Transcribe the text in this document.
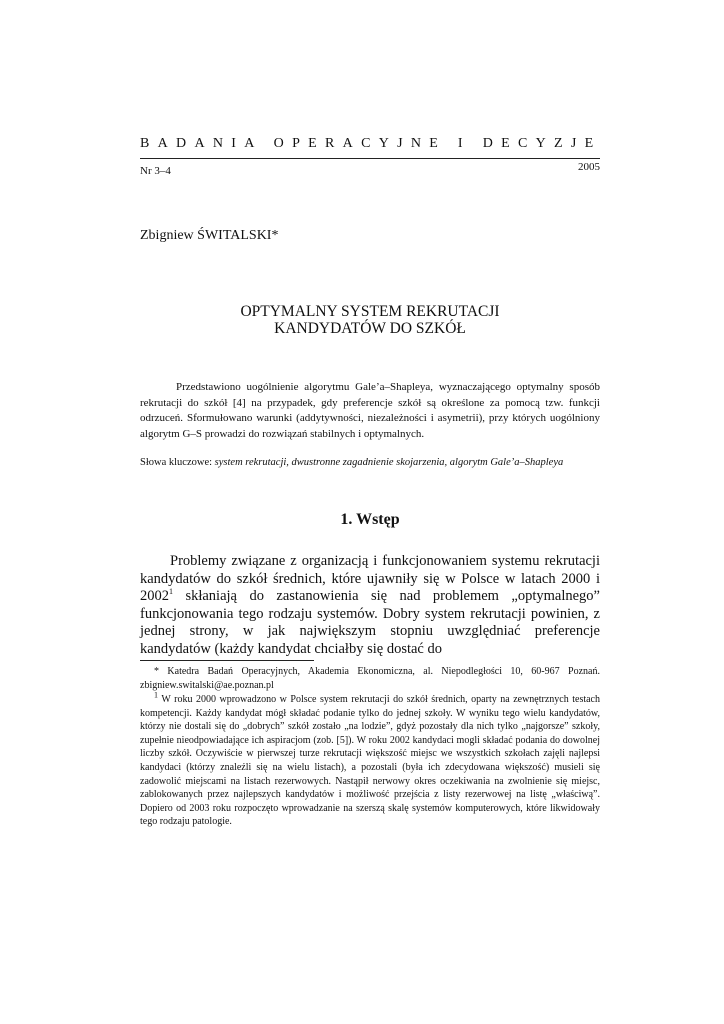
BADANIA OPERACYJNE I DECYZJE
Nr 3–4	2005
Zbigniew ŚWITALSKI*
OPTYMALNY SYSTEM REKRUTACJI
KANDYDATÓW DO SZKÓŁ
Przedstawiono uogólnienie algorytmu Gale’a–Shapleya, wyznaczającego optymalny sposób rekrutacji do szkół [4] na przypadek, gdy preferencje szkół są określone za pomocą tzw. funkcji odrzuceń. Sformułowano warunki (addytywności, niezależności i asymetrii), przy których uogólniony algorytm G–S prowadzi do rozwiązań stabilnych i optymalnych.
Słowa kluczowe: system rekrutacji, dwustronne zagadnienie skojarzenia, algorytm Gale’a–Shapleya
1. Wstęp
Problemy związane z organizacją i funkcjonowaniem systemu rekrutacji kandydatów do szkół średnich, które ujawniły się w Polsce w latach 2000 i 2002$^1$ skłaniają do zastanowienia się nad problemem „optymalnego” funkcjonowania tego rodzaju systemów. Dobry system rekrutacji powinien, z jednej strony, w jak największym stopniu uwzględniać preferencje kandydatów (każdy kandydat chciałby się dostać do
* Katedra Badań Operacyjnych, Akademia Ekonomiczna, al. Niepodległości 10, 60-967 Poznań. zbigniew.switalski@ae.poznan.pl
$^1$ W roku 2000 wprowadzono w Polsce system rekrutacji do szkół średnich, oparty na zewnętrznych testach kompetencji. Każdy kandydat mógł składać podanie tylko do jednej szkoły. W wyniku tego wielu kandydatów, którzy nie dostali się do „dobrych” szkół zostało „na lodzie”, gdyż pozostały dla nich tylko „najgorsze” szkoły, zupełnie nieodpowiadające ich aspiracjom (zob. [5]). W roku 2002 kandydaci mogli składać podania do dowolnej liczby szkół. Oczywiście w pierwszej turze rekrutacji większość miejsc we wszystkich szkołach zajęli najlepsi kandydaci (którzy znaleźli się na wielu listach), a pozostali (była ich zdecydowana większość) musieli się zadowolić miejscami na listach rezerwowych. Nastąpił nerwowy okres oczekiwania na zwolnienie się miejsc, zablokowanych przez najlepszych kandydatów i możliwość przejścia z listy rezerwowej na listę „właściwą”. Dopiero od 2003 roku rozpoczęto wprowadzanie na szerszą skalę systemów komputerowych, które likwidowały tego rodzaju patologie.
